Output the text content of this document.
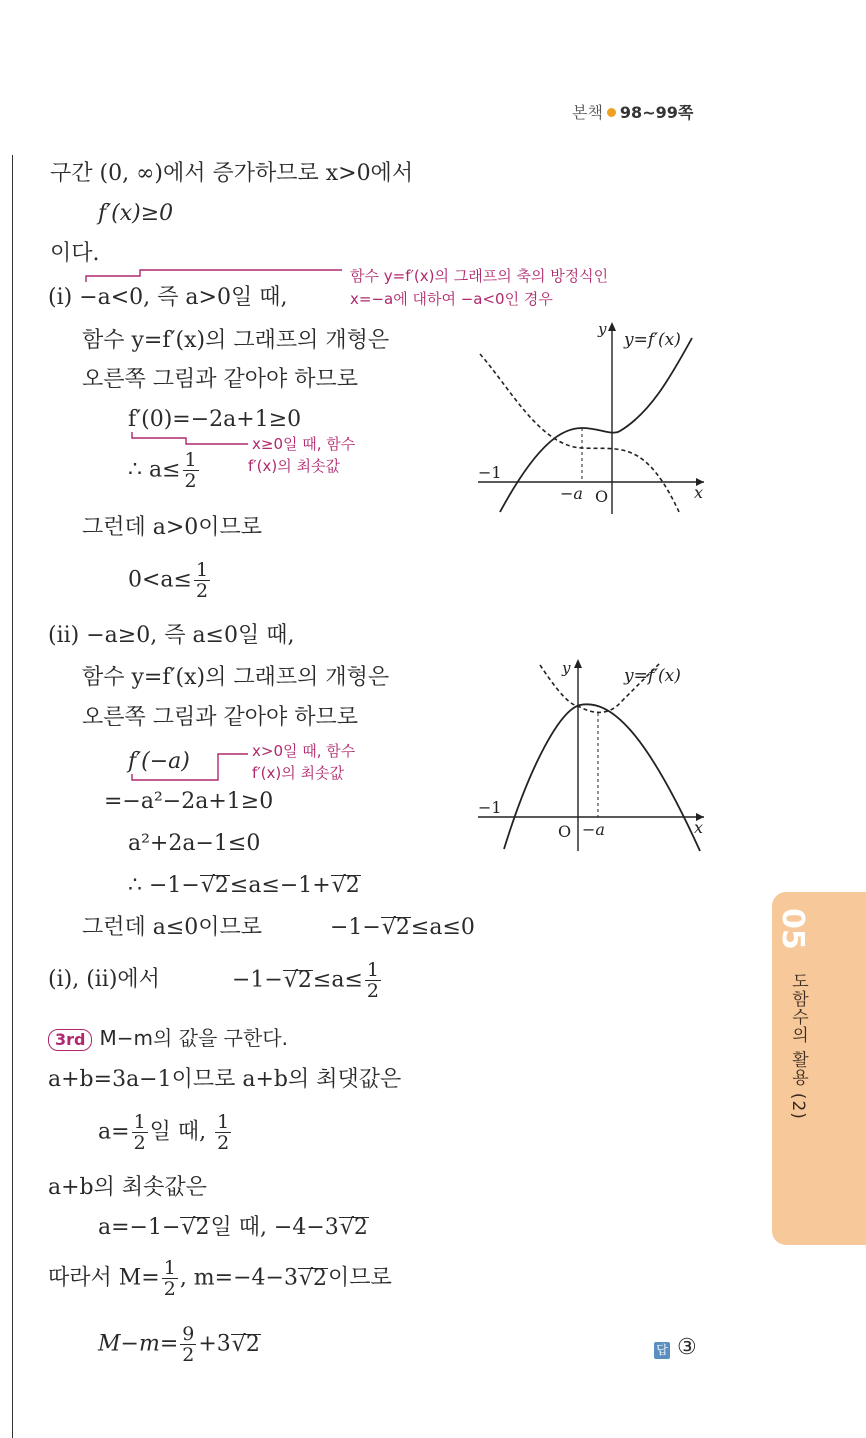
본책 98~99쪽
05
도함수의 활용 (2)
구간 (0, ∞)에서 증가하므로 x>0에서
f′(x)≥0
이다.
(i) −a<0, 즉 a>0일 때,
함수 y=f′(x)의 그래프의 축의 방정식인
x=−a에 대하여 −a<0인 경우
함수 y=f′(x)의 그래프의 개형은
오른쪽 그림과 같아야 하므로
f′(0)=−2a+1≥0
x≥0일 때, 함수
f′(x)의 최솟값
∴ $a\le \frac{1}{2}$
y
y=f′(x)
x
O
−1
−a
그런데 a>0이므로
$0<a\le \frac{1}{2}$
(ii) −a≥0, 즉 a≤0일 때,
함수 y=f′(x)의 그래프의 개형은
오른쪽 그림과 같아야 하므로
f′(−a)	x>0일 때, 함수
f′(x)의 최솟값
=−a²−2a+1≥0
a²+2a−1≤0
∴ −1−√2≤a≤−1+√2
y	y=f′(x)
x
O
−1
−a
그런데 a≤0이므로	−1−√2≤a≤0
(i), (ii)에서	$-1-√2\le a\le \frac{1}{2}$
3rd M−m의 값을 구한다.
a+b=3a−1이므로 a+b의 최댓값은
$a= \frac{1}{2}$ 일 때, $\frac{1}{2}$
a+b의 최솟값은
a=−1−√2일 때, −4−3√2
따라서 $M= \frac{1}{2}$ , m=−4−3√2이므로
$M-m= \frac{9}{2} +3√2$	답 ③
